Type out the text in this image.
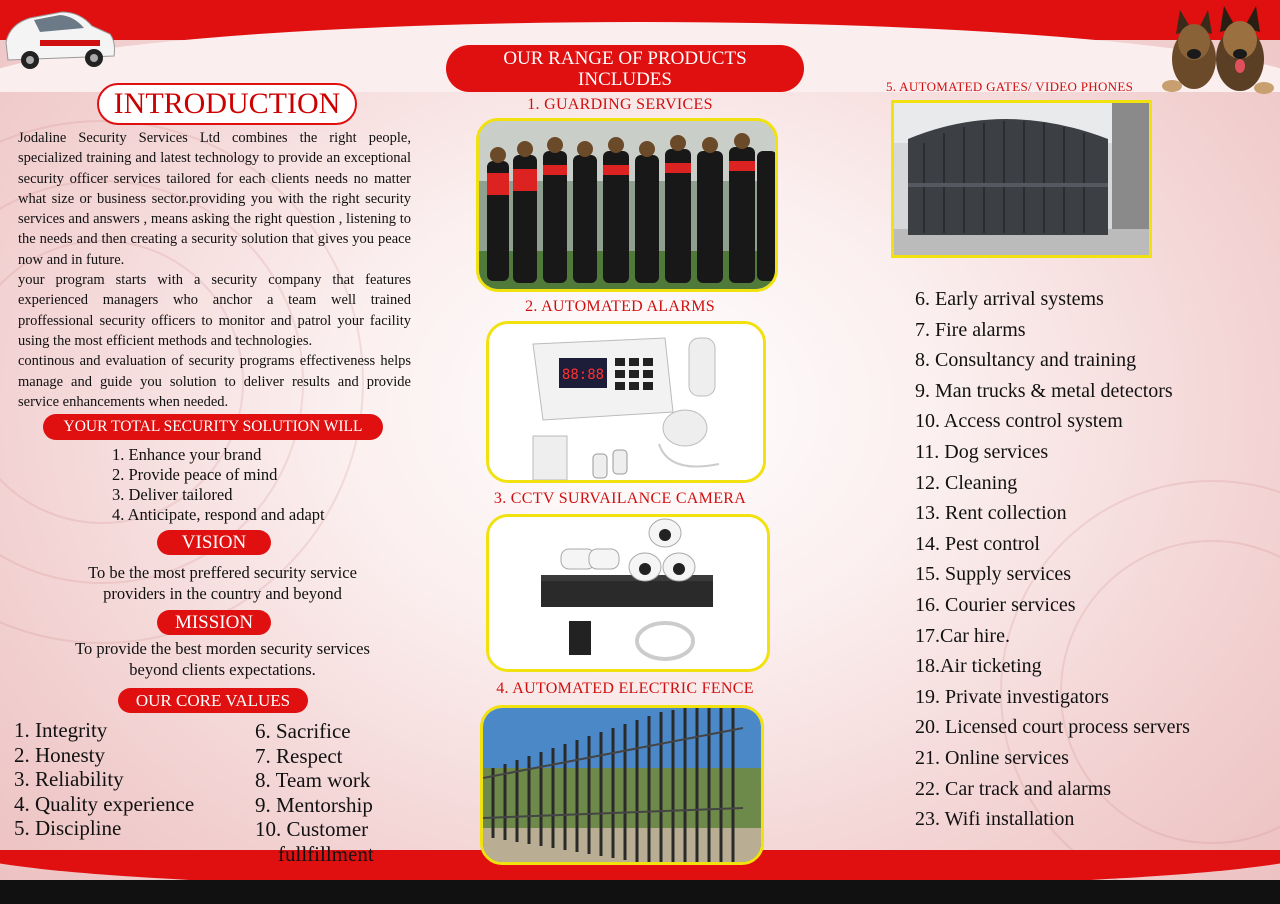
INTRODUCTION

Jodaline Security Services Ltd combines the right people, specialized training and latest technology to provide an exceptional security officer services tailored for each clients needs no matter what size or business sector.providing you with the right security services and answers , means asking the right question , listening to the needs and then creating a security solution that gives you peace now and in future.

your program starts with a security company that features experienced managers who anchor a team well trained proffessional security officers to monitor and patrol your facility using the most efficient methods and technologies.

continous and evaluation of security programs effectiveness helps manage and guide you solution to deliver results and provide service enhancements when needed.

YOUR TOTAL SECURITY SOLUTION WILL
1. Enhance your brand
2. Provide peace of mind
3. Deliver tailored
4. Anticipate, respond and adapt
VISION
To be the most preffered security service
providers in the country and beyond
MISSION
To provide the best morden security services
beyond clients expectations.
OUR CORE VALUES
1. Integrity
2. Honesty
3. Reliability
4. Quality experience
5. Discipline
6. Sacrifice
7. Respect
8. Team work
9. Mentorship
10. Customer
fullfillment
OUR RANGE OF PRODUCTS
INCLUDES
1. GUARDING SERVICES
2. AUTOMATED ALARMS
88:88
3. CCTV SURVAILANCE CAMERA
4. AUTOMATED ELECTRIC FENCE
5. AUTOMATED GATES/ VIDEO PHONES
6. Early arrival systems
7. Fire alarms
8. Consultancy and training
9. Man trucks & metal detectors
10. Access control system
11. Dog services
12. Cleaning
13. Rent collection
14. Pest control
15. Supply services
16. Courier services
17.Car hire.
18.Air ticketing
19. Private investigators
20. Licensed court process servers
21. Online services
22. Car track and alarms
23. Wifi installation
